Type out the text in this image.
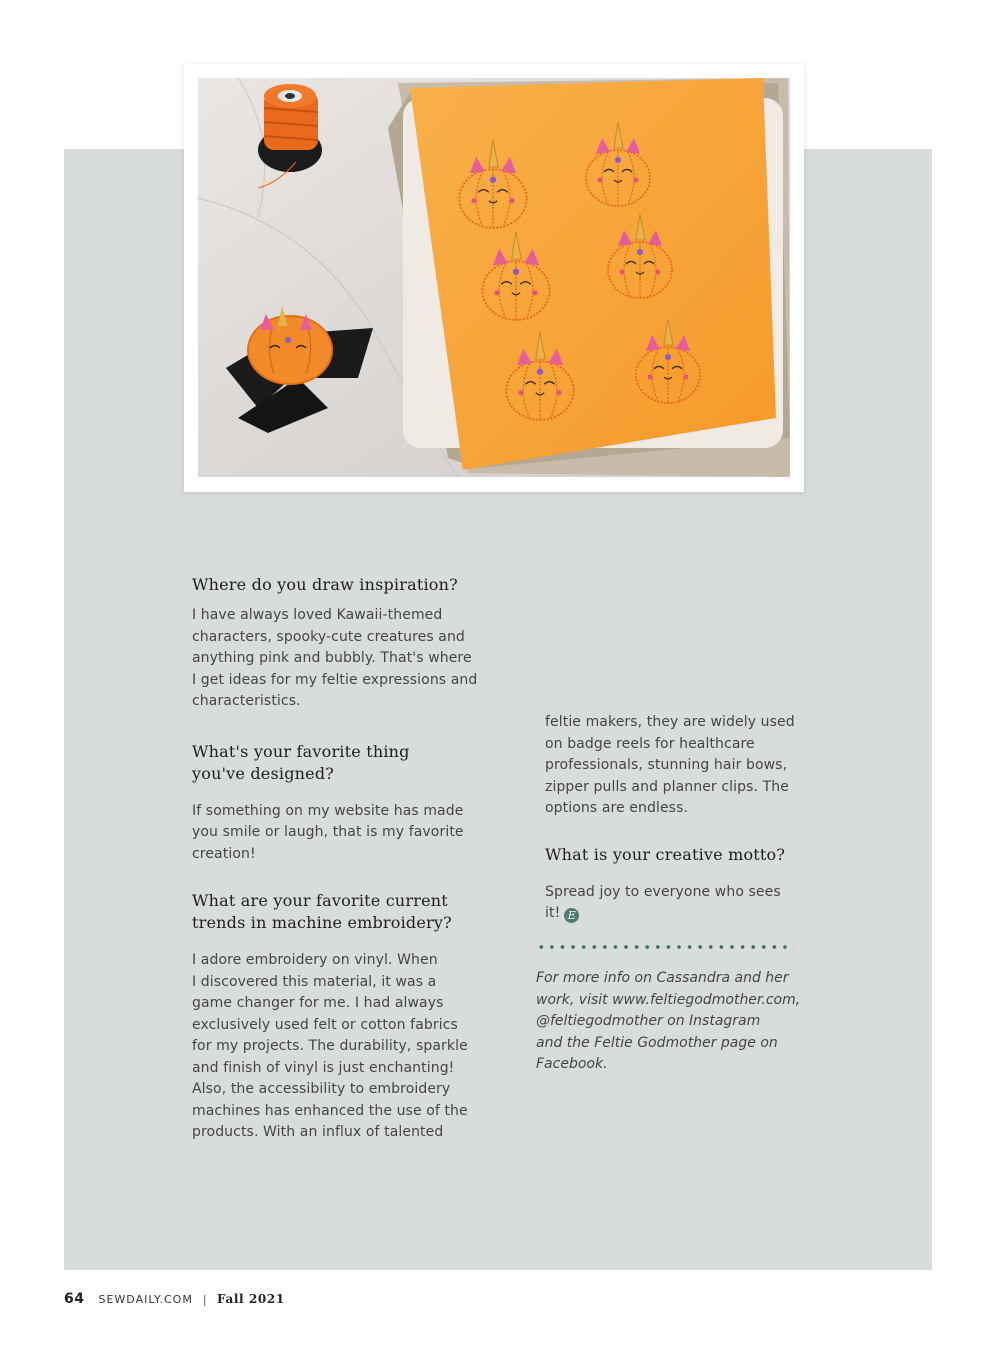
Where do you draw inspiration?

I have always loved Kawaii-themed
characters, spooky-cute creatures and
anything pink and bubbly. That's where
I get ideas for my feltie expressions and
characteristics.

What's your favorite thing
you've designed?

If something on my website has made
you smile or laugh, that is my favorite
creation!

What are your favorite current
trends in machine embroidery?

I adore embroidery on vinyl. When
I discovered this material, it was a
game changer for me. I had always
exclusively used felt or cotton fabrics
for my projects. The durability, sparkle
and finish of vinyl is just enchanting!
Also, the accessibility to embroidery
machines has enhanced the use of the
products. With an influx of talented

feltie makers, they are widely used
on badge reels for healthcare
professionals, stunning hair bows,
zipper pulls and planner clips. The
options are endless.

What is your creative motto?

Spread joy to everyone who sees
it! E

For more info on Cassandra and her
work, visit www.feltiegodmother.com,
@feltiegodmother on Instagram
and the Feltie Godmother page on
Facebook.
64 SEWDAILY.COM | Fall 2021
